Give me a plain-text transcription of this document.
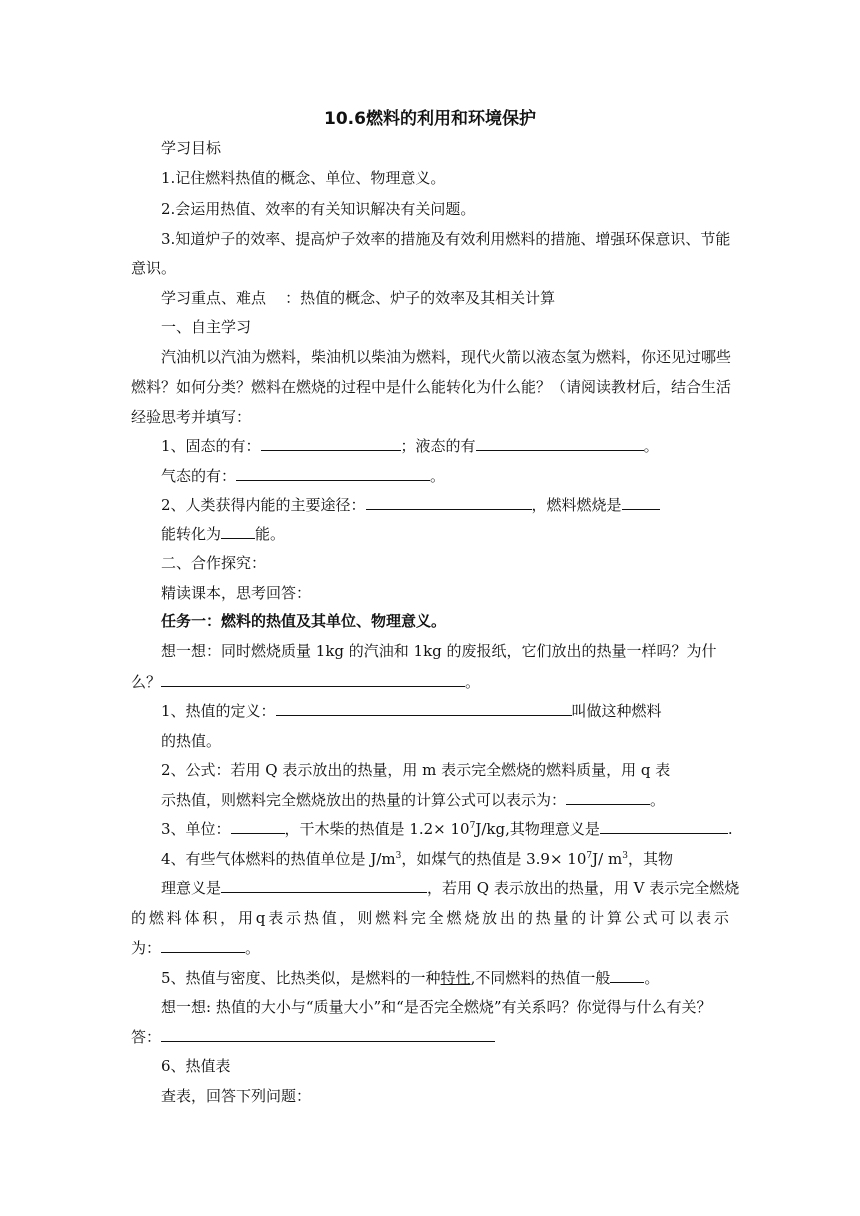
10.6燃料的利用和环境保护
学习目标
1.记住燃料热值的概念、单位、物理意义。
2.会运用热值、效率的有关知识解决有关问题。
3.知道炉子的效率、提高炉子效率的措施及有效利用燃料的措施、增强环保意识、节能
意识。
学习重点、难点    ：热值的概念、炉子的效率及其相关计算
一、自主学习
汽油机以汽油为燃料，柴油机以柴油为燃料，现代火箭以液态氢为燃料，你还见过哪些
燃料？如何分类？燃料在燃烧的过程中是什么能转化为什么能？（请阅读教材后，结合生活
经验思考并填写：
1、固态的有：	；液态的有	。
气态的有：	。
2、人类获得内能的主要途径：	，燃料燃烧是
能转化为 能。
二、合作探究：
精读课本，思考回答：
任务一：燃料的热值及其单位、物理意义。
想一想：同时燃烧质量 1kg 的汽油和 1kg 的废报纸，它们放出的热量一样吗？为什
么？	。
1、热值的定义：	叫做这种燃料
的热值。
2、公式：若用 Q 表示放出的热量，用 m 表示完全燃烧的燃料质量，用 q 表
示热值，则燃料完全燃烧放出的热量的计算公式可以表示为：	。
3、单位：	，干木柴的热值是 $1.2\times 10^7J/kg$,其物理意义是	.
4、有些气体燃料的热值单位是 $J/m^3$，如煤气的热值是 $3.9\times 10^7J/$ $m^3$，其物
理意义是	，若用 Q 表示放出的热量，用 V 表示完全燃烧
的 燃 料 体 积 ， 用 q 表 示 热 值 ， 则 燃 料 完 全 燃 烧 放 出 的 热 量 的 计 算 公 式 可 以 表 示
为：	。
5、热值与密度、比热类似，是燃料的一种特性,不同燃料的热值一般 。
想一想: 热值的大小与“质量大小”和“是否完全燃烧”有关系吗？你觉得与什么有关？
答：
6、热值表
查表，回答下列问题：
